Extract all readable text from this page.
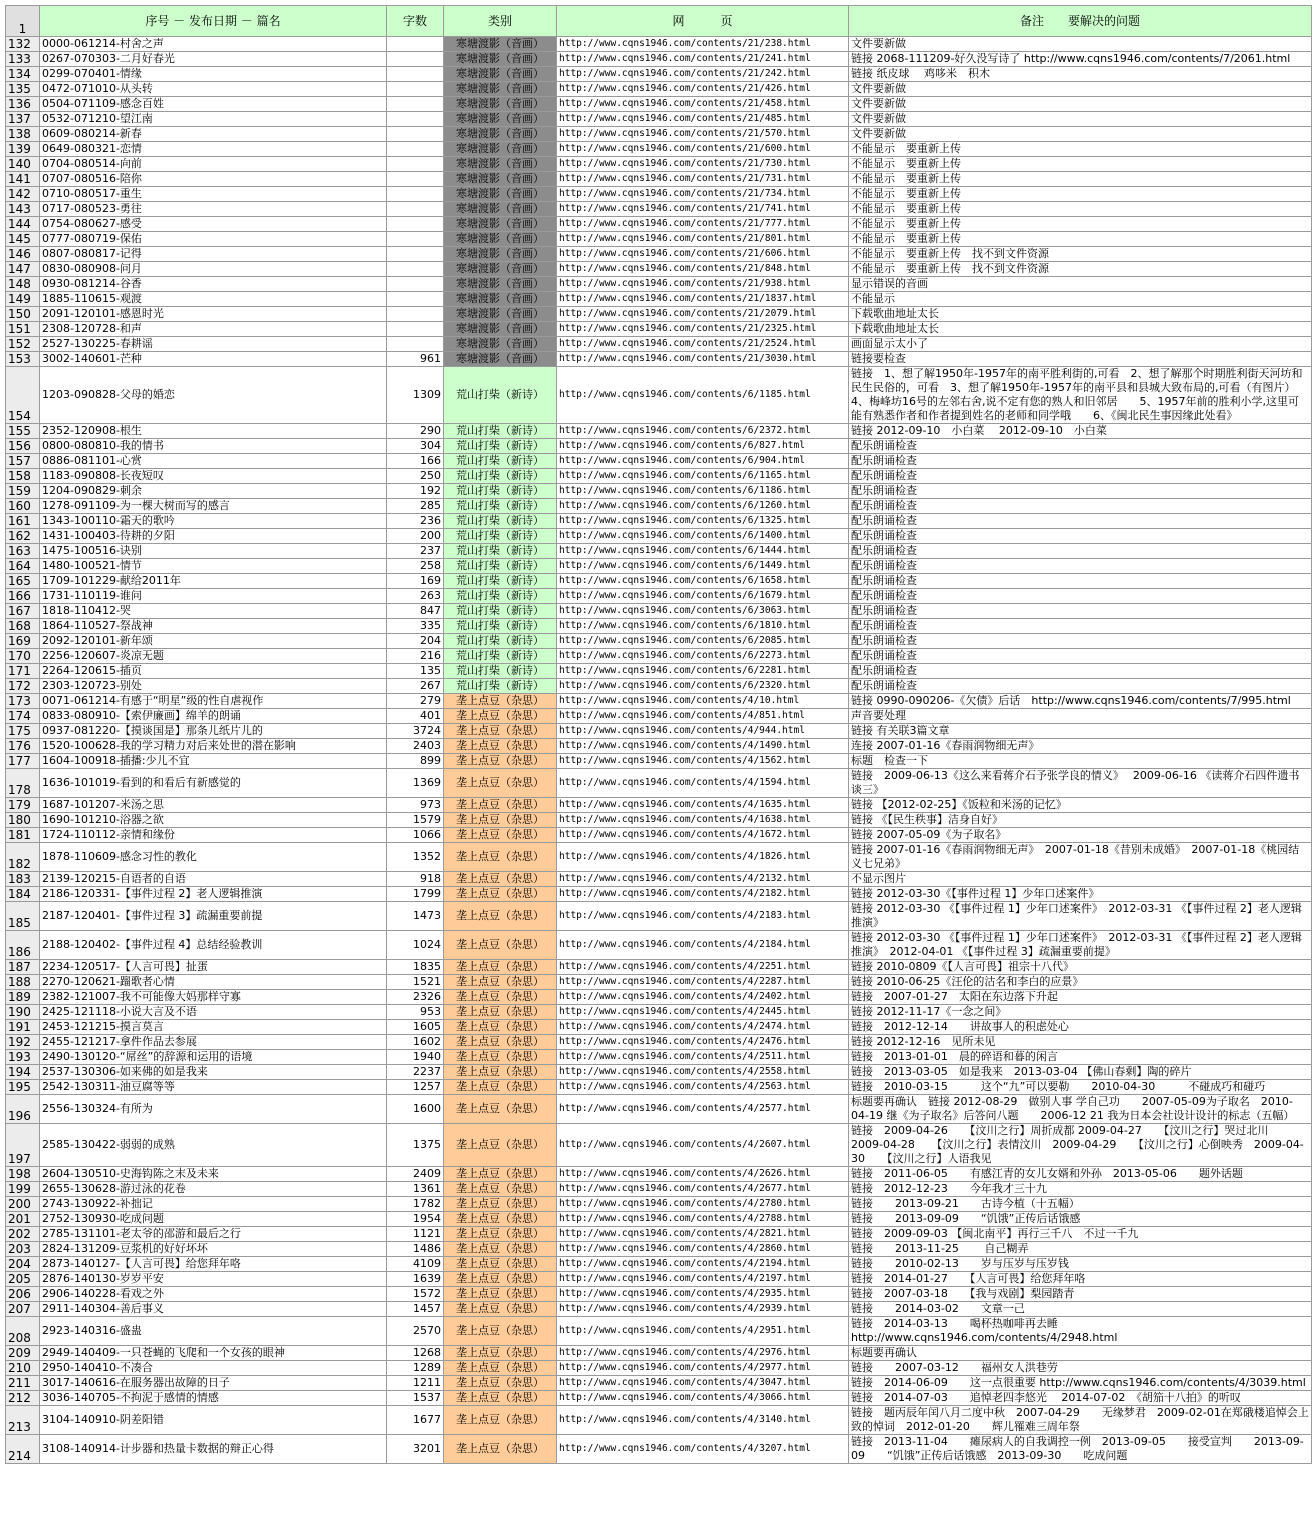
1	序号 － 发布日期 － 篇名	字数	类别	网　　　页	备注　　要解决的问题
132	0000-061214-村舍之声		寒塘渡影（音画）	http://www.cqns1946.com/contents/21/238.html	文件要新做
133	0267-070303-二月好春光		寒塘渡影（音画）	http://www.cqns1946.com/contents/21/241.html	链接 2068-111209-好久没写诗了 http://www.cqns1946.com/contents/7/2061.html
134	0299-070401-情缘		寒塘渡影（音画）	http://www.cqns1946.com/contents/21/242.html	链接 纸皮球　 鸡哆米　积木
135	0472-071010-从头转		寒塘渡影（音画）	http://www.cqns1946.com/contents/21/426.html	文件要新做
136	0504-071109-感念百姓		寒塘渡影（音画）	http://www.cqns1946.com/contents/21/458.html	文件要新做
137	0532-071210-望江南		寒塘渡影（音画）	http://www.cqns1946.com/contents/21/485.html	文件要新做
138	0609-080214-新春		寒塘渡影（音画）	http://www.cqns1946.com/contents/21/570.html	文件要新做
139	0649-080321-恋情		寒塘渡影（音画）	http://www.cqns1946.com/contents/21/600.html	不能显示　要重新上传
140	0704-080514-向前		寒塘渡影（音画）	http://www.cqns1946.com/contents/21/730.html	不能显示　要重新上传
141	0707-080516-陪你		寒塘渡影（音画）	http://www.cqns1946.com/contents/21/731.html	不能显示　要重新上传
142	0710-080517-重生		寒塘渡影（音画）	http://www.cqns1946.com/contents/21/734.html	不能显示　要重新上传
143	0717-080523-勇往		寒塘渡影（音画）	http://www.cqns1946.com/contents/21/741.html	不能显示　要重新上传
144	0754-080627-感受		寒塘渡影（音画）	http://www.cqns1946.com/contents/21/777.html	不能显示　要重新上传
145	0777-080719-保佑		寒塘渡影（音画）	http://www.cqns1946.com/contents/21/801.html	不能显示　要重新上传
146	0807-080817-记得		寒塘渡影（音画）	http://www.cqns1946.com/contents/21/606.html	不能显示　要重新上传　找不到文件资源
147	0830-080908-问月		寒塘渡影（音画）	http://www.cqns1946.com/contents/21/848.html	不能显示　要重新上传　找不到文件资源
148	0930-081214-谷香		寒塘渡影（音画）	http://www.cqns1946.com/contents/21/938.html	显示错误的音画
149	1885-110615-观渡		寒塘渡影（音画）	http://www.cqns1946.com/contents/21/1837.html	不能显示
150	2091-120101-感恩时光		寒塘渡影（音画）	http://www.cqns1946.com/contents/21/2079.html	下载歌曲地址太长
151	2308-120728-和声		寒塘渡影（音画）	http://www.cqns1946.com/contents/21/2325.html	下载歌曲地址太长
152	2527-130225-春耕谣		寒塘渡影（音画）	http://www.cqns1946.com/contents/21/2524.html	画面显示太小了
153	3002-140601-芒种	961	寒塘渡影（音画）	http://www.cqns1946.com/contents/21/3030.html	链接要检查
154	1203-090828-父母的婚恋	1309	荒山打柴（新诗）	http://www.cqns1946.com/contents/6/1185.html	链接　1、想了解1950年-1957年的南平胜利街的,可看　2、想了解那个时期胜利街天河坊和民生民俗的，可看　3、想了解1950年-1957年的南平县和县城大致布局的,可看（有图片）　4、梅峰坊16号的左邻右舍,说不定有您的熟人和旧邻居　　5、1957年前的胜利小学,这里可能有熟悉作者和作者提到姓名的老师和同学哦　　6、《闽北民生事因缘此处看》
155	2352-120908-根生	290	荒山打柴（新诗）	http://www.cqns1946.com/contents/6/2372.html	链接 2012-09-10　小白菜　 2012-09-10　小白菜
156	0800-080810-我的情书	304	荒山打柴（新诗）	http://www.cqns1946.com/contents/6/827.html	配乐朗诵检查
157	0886-081101-心赏	166	荒山打柴（新诗）	http://www.cqns1946.com/contents/6/904.html	配乐朗诵检查
158	1183-090808-长夜短叹	250	荒山打柴（新诗）	http://www.cqns1946.com/contents/6/1165.html	配乐朗诵检查
159	1204-090829-刺余	192	荒山打柴（新诗）	http://www.cqns1946.com/contents/6/1186.html	配乐朗诵检查
160	1278-091109-为一棵大树而写的感言	285	荒山打柴（新诗）	http://www.cqns1946.com/contents/6/1260.html	配乐朗诵检查
161	1343-100110-霜天的歌吟	236	荒山打柴（新诗）	http://www.cqns1946.com/contents/6/1325.html	配乐朗诵检查
162	1431-100403-待耕的夕阳	200	荒山打柴（新诗）	http://www.cqns1946.com/contents/6/1400.html	配乐朗诵检查
163	1475-100516-诀别	237	荒山打柴（新诗）	http://www.cqns1946.com/contents/6/1444.html	配乐朗诵检查
164	1480-100521-情节	258	荒山打柴（新诗）	http://www.cqns1946.com/contents/6/1449.html	配乐朗诵检查
165	1709-101229-献给2011年	169	荒山打柴（新诗）	http://www.cqns1946.com/contents/6/1658.html	配乐朗诵检查
166	1731-110119-谁问	263	荒山打柴（新诗）	http://www.cqns1946.com/contents/6/1679.html	配乐朗诵检查
167	1818-110412-哭	847	荒山打柴（新诗）	http://www.cqns1946.com/contents/6/3063.html	配乐朗诵检查
168	1864-110527-祭战神	335	荒山打柴（新诗）	http://www.cqns1946.com/contents/6/1810.html	配乐朗诵检查
169	2092-120101-新年颂	204	荒山打柴（新诗）	http://www.cqns1946.com/contents/6/2085.html	配乐朗诵检查
170	2256-120607-炎凉无题	216	荒山打柴（新诗）	http://www.cqns1946.com/contents/6/2273.html	配乐朗诵检查
171	2264-120615-插页	135	荒山打柴（新诗）	http://www.cqns1946.com/contents/6/2281.html	配乐朗诵检查
172	2303-120723-别处	267	荒山打柴（新诗）	http://www.cqns1946.com/contents/6/2320.html	配乐朗诵检查
173	0071-061214-有感于“明星”级的性自虐视作	279	垄上点豆（杂思）	http://www.cqns1946.com/contents/4/10.html	链接 0990-090206-《欠债》后话　http://www.cqns1946.com/contents/7/995.html
174	0833-080910-【索伊廉画】绵羊的朗诵	401	垄上点豆（杂思）	http://www.cqns1946.com/contents/4/851.html	声音要处理
175	0937-081220-【摸谈国是】那条儿纸片儿的	3724	垄上点豆（杂思）	http://www.cqns1946.com/contents/4/944.html	链接 有关联3篇文章
176	1520-100628-我的学习精力对后来处世的潜在影响	2403	垄上点豆（杂思）	http://www.cqns1946.com/contents/4/1490.html	连接 2007-01-16《春雨润物细无声》
177	1604-100918-插播:少儿不宜	899	垄上点豆（杂思）	http://www.cqns1946.com/contents/4/1562.html	标题　检查一下
178	1636-101019-看到的和看后有新感觉的	1369	垄上点豆（杂思）	http://www.cqns1946.com/contents/4/1594.html	链接　2009-06-13《这么来看蒋介石予张学良的情义》　 2009-06-16 《读蒋介石四件遗书谈三》
179	1687-101207-米汤之思	973	垄上点豆（杂思）	http://www.cqns1946.com/contents/4/1635.html	链接 【2012-02-25】《饭粒和米汤的记忆》
180	1690-101210-浴器之欲	1579	垄上点豆（杂思）	http://www.cqns1946.com/contents/4/1638.html	链接 《【民生秩事】洁身自好》
181	1724-110112-亲情和缘份	1066	垄上点豆（杂思）	http://www.cqns1946.com/contents/4/1672.html	链接 2007-05-09《为子取名》
182	1878-110609-感念习性的教化	1352	垄上点豆（杂思）	http://www.cqns1946.com/contents/4/1826.html	链接 2007-01-16《春雨润物细无声》　2007-01-18《昔别未成婚》　2007-01-18《桃园结义七兄弟》
183	2139-120215-自语者的自语	918	垄上点豆（杂思）	http://www.cqns1946.com/contents/4/2132.html	不显示图片
184	2186-120331-【事件过程 2】老人逻辑推演	1799	垄上点豆（杂思）	http://www.cqns1946.com/contents/4/2182.html	链接 2012-03-30《【事件过程 1】少年口述案件》
185	2187-120401-【事件过程 3】疏漏重要前提	1473	垄上点豆（杂思）	http://www.cqns1946.com/contents/4/2183.html	链接 2012-03-30 《【事件过程 1】少年口述案件》　2012-03-31 《【事件过程 2】老人逻辑推演》
186	2188-120402-【事件过程 4】总结经验教训	1024	垄上点豆（杂思）	http://www.cqns1946.com/contents/4/2184.html	链接 2012-03-30 《【事件过程 1】少年口述案件》　2012-03-31 《【事件过程 2】老人逻辑推演》　2012-04-01 《【事件过程 3】疏漏重要前提》
187	2234-120517-【人言可畏】扯蛋	1835	垄上点豆（杂思）	http://www.cqns1946.com/contents/4/2251.html	链接 2010-0809《【人言可畏】祖宗十八代》
188	2270-120621-蹓歌者心情	1521	垄上点豆（杂思）	http://www.cqns1946.com/contents/4/2287.html	链接 2010-06-25《汪伦的沽名和李白的应景》
189	2382-121007-我不可能像大妈那样守寡	2326	垄上点豆（杂思）	http://www.cqns1946.com/contents/4/2402.html	链接　2007-01-27　太阳在东边落下升起
190	2425-121118-小说大言及不语	953	垄上点豆（杂思）	http://www.cqns1946.com/contents/4/2445.html	链接 2012-11-17《一念之间》
191	2453-121215-摸言莫言	1605	垄上点豆（杂思）	http://www.cqns1946.com/contents/4/2474.html	链接　2012-12-14　　讲故事人的积虑处心
192	2455-121217-拿件作品去参展	1602	垄上点豆（杂思）	http://www.cqns1946.com/contents/4/2476.html	链接 2012-12-16　见所未见
193	2490-130120-“屌丝”的辞源和运用的语境	1940	垄上点豆（杂思）	http://www.cqns1946.com/contents/4/2511.html	链接　2013-01-01　晨的碎语和暮的闲言
194	2537-130306-如来佛的如是我来	2237	垄上点豆（杂思）	http://www.cqns1946.com/contents/4/2558.html	链接　2013-03-05　如是我来　2013-03-04 【佛山春剩】陶的碎片
195	2542-130311-油豆腐等等	1257	垄上点豆（杂思）	http://www.cqns1946.com/contents/4/2563.html	链接　2010-03-15　　　这个“九”可以要勒　　2010-04-30　　　不碰成巧和碰巧
196	2556-130324-有所为	1600	垄上点豆（杂思）	http://www.cqns1946.com/contents/4/2577.html	标题要再确认　链接 2012-08-29　做别人事 学自己功　　2007-05-09为子取名　2010-04-19 继《为子取名》后答问八题　　2006-12 21 我为日本会社设计设计的标志（五幅）
197	2585-130422-弱弱的成熟	1375	垄上点豆（杂思）	http://www.cqns1946.com/contents/4/2607.html	链接　2009-04-26　　【汶川之行】周折成都 2009-04-27　　【汶川之行】哭过北川　2009-04-28　　【汶川之行】表情汶川　2009-04-29　　【汶川之行】心倒映秀　2009-04-30　　【汶川之行】人语我见
198	2604-130510-史海钩陈之末及未来	2409	垄上点豆（杂思）	http://www.cqns1946.com/contents/4/2626.html	链接　2011-06-05　　有感江青的女儿女婿和外孙　2013-05-06　　题外话题
199	2655-130628-游过泳的花卷	1361	垄上点豆（杂思）	http://www.cqns1946.com/contents/4/2677.html	链接　2012-12-23　　今年我才三十九
200	2743-130922-补拙记	1782	垄上点豆（杂思）	http://www.cqns1946.com/contents/4/2780.html	链接　　2013-09-21　　古诗今植（十五幅）
201	2752-130930-吃成问题	1954	垄上点豆（杂思）	http://www.cqns1946.com/contents/4/2788.html	链接　　2013-09-09　　“饥饿”正传后话饿感
202	2785-131101-老太爷的邵游和最后之行	1121	垄上点豆（杂思）	http://www.cqns1946.com/contents/4/2821.html	链接　2009-09-03 【闽北南平】再行三千八　不过一千九
203	2824-131209-豆浆机的好好坏坏	1486	垄上点豆（杂思）	http://www.cqns1946.com/contents/4/2860.html	链接　　2013-11-25　　 自己糊弄
204	2873-140127-【人言可畏】给您拜年咯	4109	垄上点豆（杂思）	http://www.cqns1946.com/contents/4/2194.html	链接　　2010-02-13　　岁与压岁与压岁钱
205	2876-140130-岁岁平安	1639	垄上点豆（杂思）	http://www.cqns1946.com/contents/4/2197.html	链接　2014-01-27　　【人言可畏】给您拜年咯
206	2906-140228-看戏之外	1572	垄上点豆（杂思）	http://www.cqns1946.com/contents/4/2935.html	链接　2007-03-18　　【我与戏剧】梨园踏青
207	2911-140304-善后事义	1457	垄上点豆（杂思）	http://www.cqns1946.com/contents/4/2939.html	链接　　2014-03-02　　文章一己
208	2923-140316-盛蛊	2570	垄上点豆（杂思）	http://www.cqns1946.com/contents/4/2951.html	链接　2014-03-13　　喝杯热咖啡再去睡　http://www.cqns1946.com/contents/4/2948.html
209	2949-140409-一只苍蝇的飞爬和一个女孩的眼神	1268	垄上点豆（杂思）	http://www.cqns1946.com/contents/4/2976.html	标题要再确认
210	2950-140410-不凑合	1289	垄上点豆（杂思）	http://www.cqns1946.com/contents/4/2977.html	链接　　2007-03-12　　福州女人洪巷劳
211	3017-140616-在服务器出故障的日子	1211	垄上点豆（杂思）	http://www.cqns1946.com/contents/4/3047.html	链接　2014-06-09　　这一点很重要 http://www.cqns1946.com/contents/4/3039.html
212	3036-140705-不拘泥于感情的情感	1537	垄上点豆（杂思）	http://www.cqns1946.com/contents/4/3066.html	链接　2014-07-03　　追悼老四李悠光　 2014-07-02　《胡笳十八拍》的听叹
213	3104-140910-阴差阳错	1677	垄上点豆（杂思）	http://www.cqns1946.com/contents/4/3140.html	链接　题丙辰年闰八月二度中秋　2007-04-29　　无缘梦君　2009-02-01在郑硪楼追悼会上致的悼词　2012-01-20　　辉儿罹难三周年祭
214	3108-140914-计步器和热量卡数据的辩正心得	3201	垄上点豆（杂思）	http://www.cqns1946.com/contents/4/3207.html	链接　2013-11-04　　瘫尿病人的自我调控一例　2013-09-05　　接受宣判　　2013-09-09　　“饥饿”正传后话饿感　2013-09-30　　吃成问题
